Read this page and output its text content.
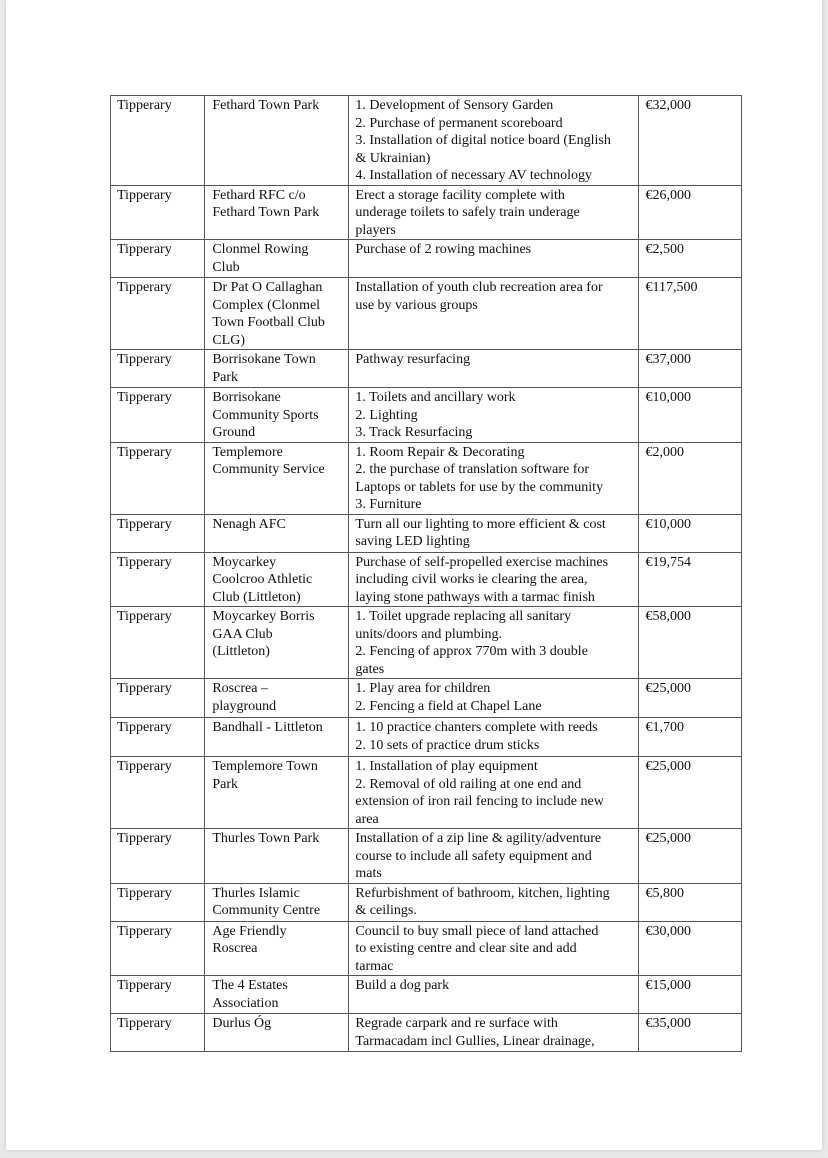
Tipperary	Fethard Town Park	1. Development of Sensory Garden
2. Purchase of permanent scoreboard
3. Installation of digital notice board (English
& Ukrainian)
4. Installation of necessary AV technology	€32,000
Tipperary	Fethard RFC c/o
Fethard Town Park	Erect a storage facility complete with
underage toilets to safely train underage
players	€26,000
Tipperary	Clonmel Rowing
Club	Purchase of 2 rowing machines	€2,500
Tipperary	Dr Pat O Callaghan
Complex (Clonmel
Town Football Club
CLG)	Installation of youth club recreation area for
use by various groups	€117,500
Tipperary	Borrisokane Town
Park	Pathway resurfacing	€37,000
Tipperary	Borrisokane
Community Sports
Ground	1. Toilets and ancillary work
2. Lighting
3. Track Resurfacing	€10,000
Tipperary	Templemore
Community Service	1. Room Repair & Decorating
2. the purchase of translation software for
Laptops or tablets for use by the community
3. Furniture	€2,000
Tipperary	Nenagh AFC	Turn all our lighting to more efficient & cost
saving LED lighting	€10,000
Tipperary	Moycarkey
Coolcroo Athletic
Club (Littleton)	Purchase of self-propelled exercise machines
including civil works ie clearing the area,
laying stone pathways with a tarmac finish	€19,754
Tipperary	Moycarkey Borris
GAA Club
(Littleton)	1. Toilet upgrade replacing all sanitary
units/doors and plumbing.
2. Fencing of approx 770m with 3 double
gates	€58,000
Tipperary	Roscrea –
playground	1. Play area for children
2. Fencing a field at Chapel Lane	€25,000
Tipperary	Bandhall - Littleton	1. 10 practice chanters complete with reeds
2. 10 sets of practice drum sticks	€1,700
Tipperary	Templemore Town
Park	1. Installation of play equipment
2. Removal of old railing at one end and
extension of iron rail fencing to include new
area	€25,000
Tipperary	Thurles Town Park	Installation of a zip line & agility/adventure
course to include all safety equipment and
mats	€25,000
Tipperary	Thurles Islamic
Community Centre	Refurbishment of bathroom, kitchen, lighting
& ceilings.	€5,800
Tipperary	Age Friendly
Roscrea	Council to buy small piece of land attached
to existing centre and clear site and add
tarmac	€30,000
Tipperary	The 4 Estates
Association	Build a dog park	€15,000
Tipperary	Durlus Óg	Regrade carpark and re surface with
Tarmacadam incl Gullies, Linear drainage,	€35,000
